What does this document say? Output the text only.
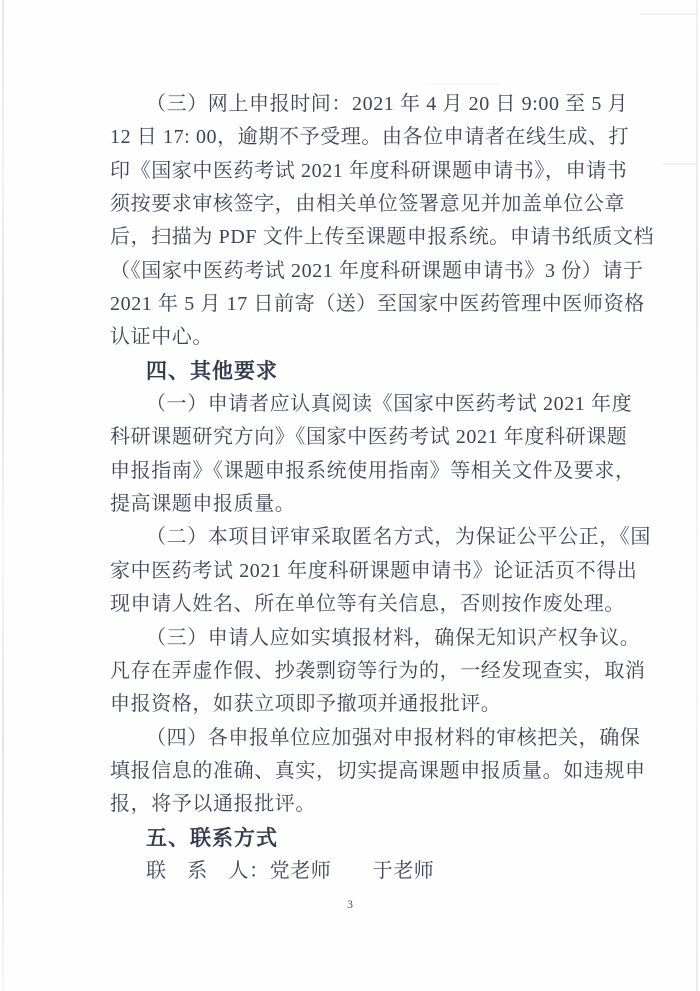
（三）网上申报时间：2021 年 4 月 20 日 9:00 至 5 月
12 日 17: 00，逾期不予受理。由各位申请者在线生成、打
印《国家中医药考试 2021 年度科研课题申请书》，申请书
须按要求审核签字，由相关单位签署意见并加盖单位公章
后，扫描为 PDF 文件上传至课题申报系统。申请书纸质文档
（《国家中医药考试 2021 年度科研课题申请书》3 份）请于
2021 年 5 月 17 日前寄（送）至国家中医药管理中医师资格
认证中心。
四、其他要求
（一）申请者应认真阅读《国家中医药考试 2021 年度
科研课题研究方向》《国家中医药考试 2021 年度科研课题
申报指南》《课题申报系统使用指南》等相关文件及要求，
提高课题申报质量。
（二）本项目评审采取匿名方式，为保证公平公正，《国
家中医药考试 2021 年度科研课题申请书》论证活页不得出
现申请人姓名、所在单位等有关信息，否则按作废处理。
（三）申请人应如实填报材料，确保无知识产权争议。
凡存在弄虚作假、抄袭剽窃等行为的，一经发现查实，取消
申报资格，如获立项即予撤项并通报批评。
（四）各申报单位应加强对申报材料的审核把关，确保
填报信息的准确、真实，切实提高课题申报质量。如违规申
报，将予以通报批评。
五、联系方式
联　系　人：党老师　　于老师
3
